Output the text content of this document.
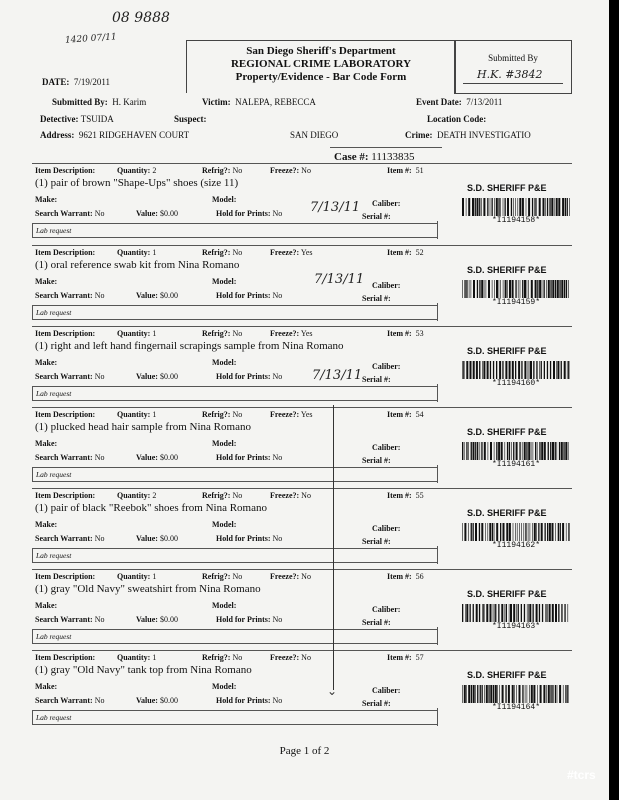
08 9888
1420 07/11
San Diego Sheriff's Department
REGIONAL CRIME LABORATORY
Property/Evidence - Bar Code Form
Submitted By
H.K. #3842
DATE: 7/19/2011
Submitted By: H. Karim	Victim: NALEPA, REBECCA	Event Date: 7/13/2011
Detective: TSUIDA	Suspect:	Location Code:
Address: 9621 RIDGEHAVEN COURT	SAN DIEGO	Crime: DEATH INVESTIGATIO
Case #: 11133835
Item Description:	Quantity: 2	Refrig?: No	Freeze?: No	Item #: 51
(1) pair of brown "Shape-Ups" shoes (size 11)
Make:	Model:	Caliber:
Search Warrant: No	Value: $0.00	Hold for Prints: No	Serial #:
Lab request
S.D. SHERIFF P&E
*I1194158*
Item Description:	Quantity: 1	Refrig?: No	Freeze?: Yes	Item #: 52
(1) oral reference swab kit from Nina Romano
Make:	Model:	Caliber:
Search Warrant: No	Value: $0.00	Hold for Prints: No	Serial #:
Lab request
S.D. SHERIFF P&E
*I1194159*
Item Description:	Quantity: 1	Refrig?: No	Freeze?: Yes	Item #: 53
(1) right and left hand fingernail scrapings sample from Nina Romano
Make:	Model:	Caliber:
Search Warrant: No	Value: $0.00	Hold for Prints: No	Serial #:
Lab request
S.D. SHERIFF P&E
*I1194160*
Item Description:	Quantity: 1	Refrig?: No	Freeze?: Yes	Item #: 54
(1) plucked head hair sample from Nina Romano
Make:	Model:	Caliber:
Search Warrant: No	Value: $0.00	Hold for Prints: No	Serial #:
Lab request
S.D. SHERIFF P&E
*I1194161*
Item Description:	Quantity: 2	Refrig?: No	Freeze?: No	Item #: 55
(1) pair of black "Reebok" shoes from Nina Romano
Make:	Model:	Caliber:
Search Warrant: No	Value: $0.00	Hold for Prints: No	Serial #:
Lab request
S.D. SHERIFF P&E
*I1194162*
Item Description:	Quantity: 1	Refrig?: No	Freeze?: No	Item #: 56
(1) gray "Old Navy" sweatshirt from Nina Romano
Make:	Model:	Caliber:
Search Warrant: No	Value: $0.00	Hold for Prints: No	Serial #:
Lab request
S.D. SHERIFF P&E
*I1194163*
Item Description:	Quantity: 1	Refrig?: No	Freeze?: No	Item #: 57
(1) gray "Old Navy" tank top from Nina Romano
Make:	Model:	Caliber:
Search Warrant: No	Value: $0.00	Hold for Prints: No	Serial #:
Lab request
S.D. SHERIFF P&E
*I1194164*
7/13/11
7/13/11
7/13/11
⌄
Page 1 of 2
#tcrs
